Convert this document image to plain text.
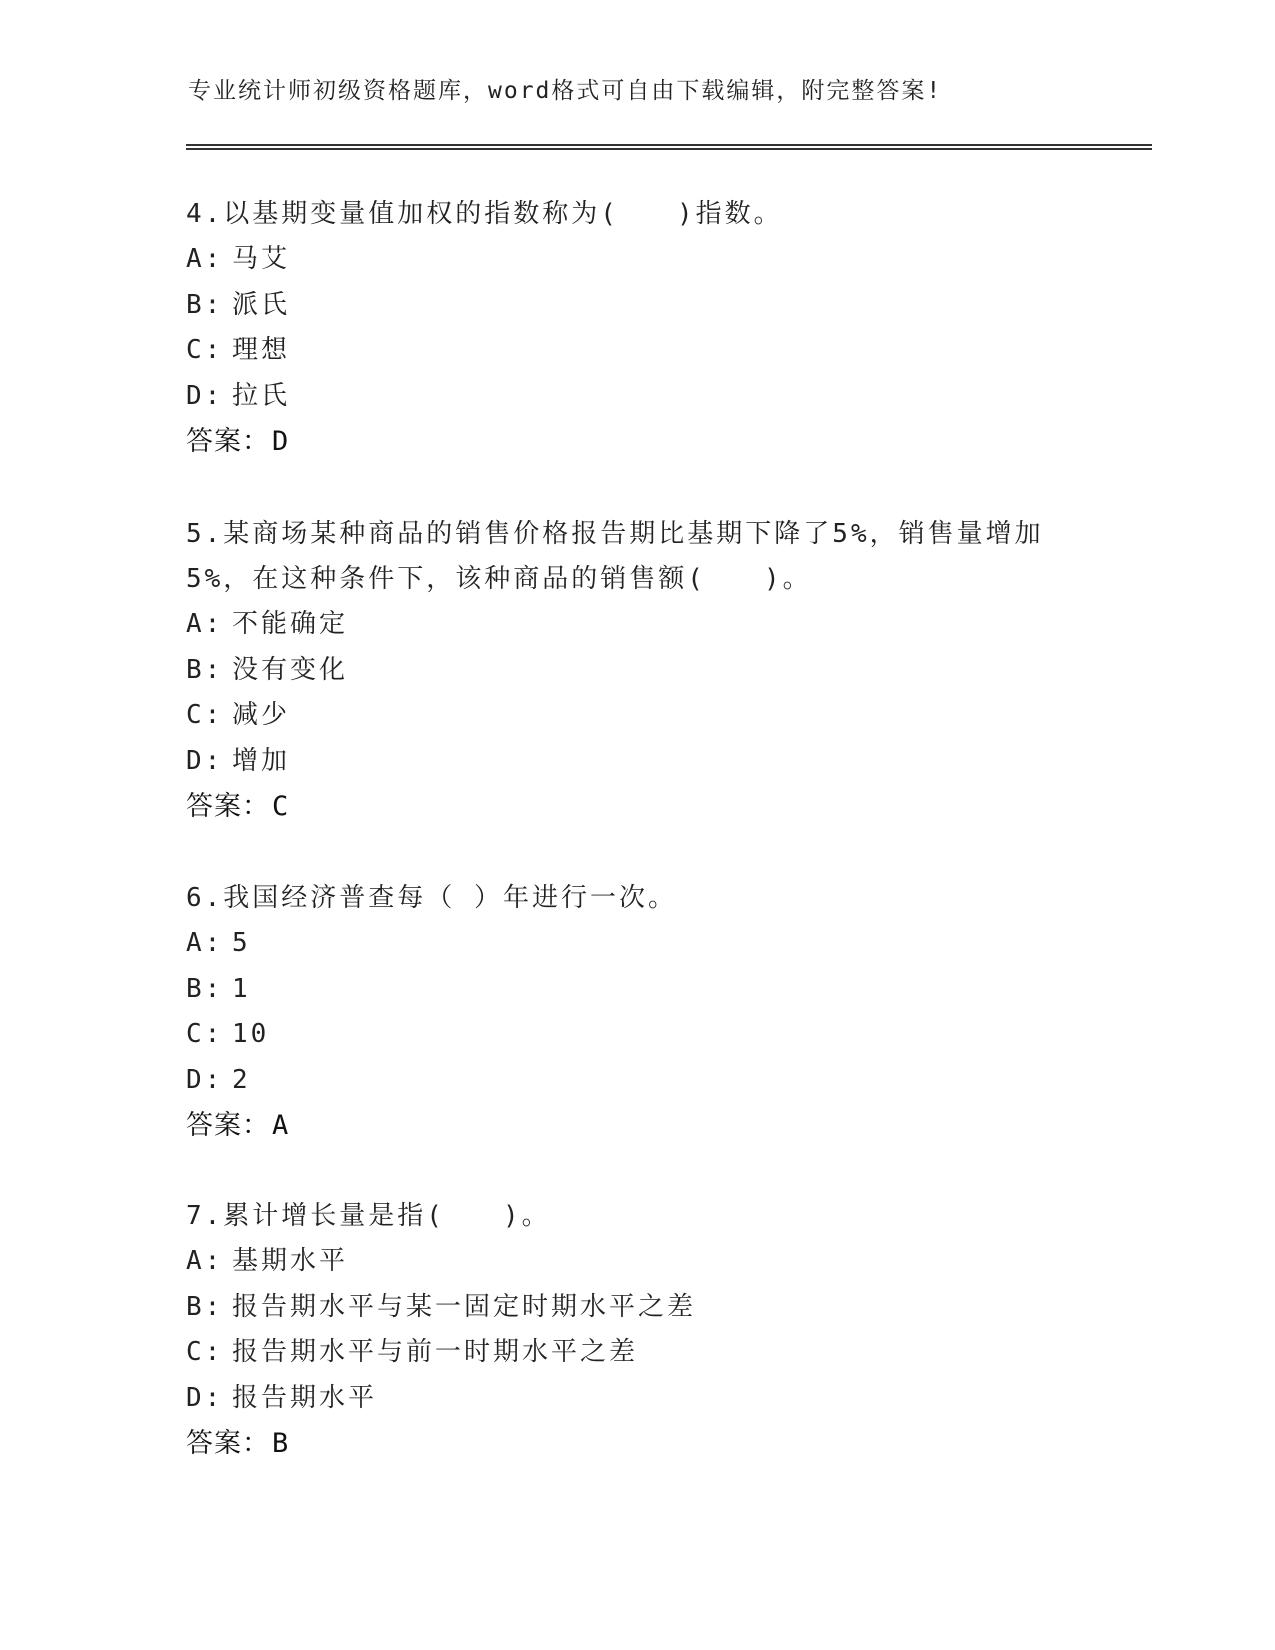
专业统计师初级资格题库，word格式可自由下载编辑，附完整答案!

4.以基期变量值加权的指数称为(　　)指数。

A: 马艾
B: 派氏
C: 理想
D: 拉氏
答案：D

5.某商场某种商品的销售价格报告期比基期下降了5%，销售量增加5%，在这种条件下，该种商品的销售额(　　)。

A: 不能确定
B: 没有变化
C: 减少
D: 增加
答案：C

6.我国经济普查每（ ）年进行一次。

A: 5
B: 1
C: 10
D: 2
答案：A

7.累计增长量是指(　　)。

A: 基期水平
B: 报告期水平与某一固定时期水平之差
C: 报告期水平与前一时期水平之差
D: 报告期水平
答案：B
